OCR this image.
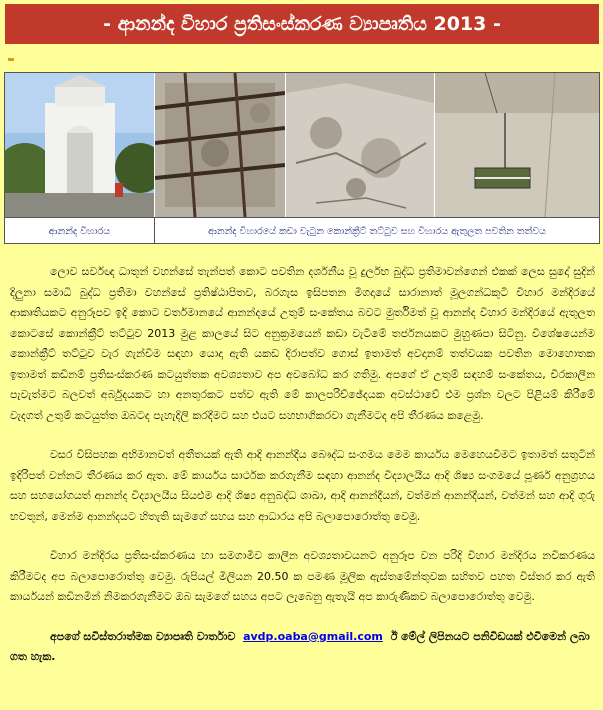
- ආනන්ද විහාර ප්‍රතිසංස්කරණ ව්‍යාපෘතිය 2013 -
ආනන්ද විහාරය	ආනන්ද විහාරයේ කඩා වැටුන කොන්ක්‍රීට් තට්ටුව සහ විහාරය ඇතුලත පවතින තත්වය

ලොව සර්වඥ ධාතූන් වහන්සේ තැන්පත් කොට පවතින දර්ශනීය වූ දුර්ලභ බුද්ධ ප්‍රතිමාවන්ගෙන් එකක් ලෙස සුදෝ සුදින් දිලුනා සමාධි බුද්ධ ප්‍රතිමා වහන්සේ ප්‍රතිෂ්ඨාපිතව, බරගැස ඉසිපතන මිගදායේ සාරානාත් මූලගන්ධකුටි විහාර මන්දිරයේ ආකෘතියකට අනුරූපව ඉදි කොට වර්තමානයේ ආනන්දයේ උතුම් සංකේතය බවට මුර්තිමත් වූ ආනන්ද විහාර මන්දිරයේ ඇතුලත කොටසේ කොන්ක්‍රීට් තට්ටුව 2013 මුළ කාලයේ සිට අනුක්‍රමයෙන් කඩා වැටීමේ තර්ජනයකට මුහුණපා සිටිනු. විශේෂයෙන්ම කොන්ක්‍රීට් තට්ටුව වැර ගැන්වීම සඳහා යොදා ඇති යකඩ දිරාපත්ව ගොස් ඉතාමත් අවදානම් තත්වයක පවතින මොහොතක ඉතාමත් කඩිනම් ප්‍රතිසංස්කරණ කටයුත්තක අවශ්‍යතාව අප අවබෝධ කර ගතිමු. අපගේ ඒ උතුම් සඳහම් සංකේතය, චිරකාලීන පැවැත්මට බලවත් අර්බුදයකට හා අනතුරකට පත්ව ඇති මේ කාලපරිච්ඡේදයක අවස්ථාවේ එම ප්‍රශ්න වලට පිළියම් කිරීමේ වැදගත් උතුම් කටයුත්ත ඔබටද පැහැදිලි කරදීමට සහ එයට සහභාගිකරවා ගැනීමටද අපි තීරණය කළෙමු.

වසර විසිපහක අභිමානවත් අතීතයක් ඇති ආදි ආනන්දීය බෞද්ධ සංගමය මෙම කාර්යය මෙහෙයවීමට ඉතාමත් සතුටින් ඉදිරිපත් වන්නට තීරණය කර ඇත. මේ කාර්යය සාර්ථක කරගැනීම සඳහා ආනන්ද විද්‍යාලයීය ආදි ශිෂ්‍ය සංගමයේ පූර්ණ අනුග්‍රහය සහ සහයෝගයත් ආනන්ද විද්‍යාලයීය සියළුම ආදි ශිෂ්‍ය අනුබද්ධ ශාඛා, ආදි ආනන්දීයන්, වත්මන් ආනන්දීයන්, වත්මන් සහ ආදි ගුරු භවතුන්, මෙන්ම ආනන්දයට හිතැති සැමගේ සහය සහ ආධාරය අපි බලාපොරොත්තු වෙමු.

විහාර මන්දිරය ප්‍රතිසංස්කරණය හා සමගාමීව කාලීන අවශ්‍යතාවයනට අනුරූප වන පරිදි විහාර මන්දිරය නවීකරණය කිරීමටද අප බලාපොරොත්තු වෙමු. රුපියල් මිලියන 20.50 ක පමණ මූලික ඇස්තමේන්තුවක සහිතව පහත විස්තර කර ඇති කාර්යයන් කඩිනමින් නිමකරගැනීමට ඔබ සැමගේ සහය අපට ලැබෙනු ඇතැයි අප කාරුණිකව බලාපොරොත්තු වෙමු.

අපගේ සවිස්තරාත්මක ව්‍යාපෘති වාර්තාව avdp.oaba@gmail.com ඊ මේල් ලිපිනයට පනිවිඩයක් එවීමෙන් ලබා ගත හැක.
